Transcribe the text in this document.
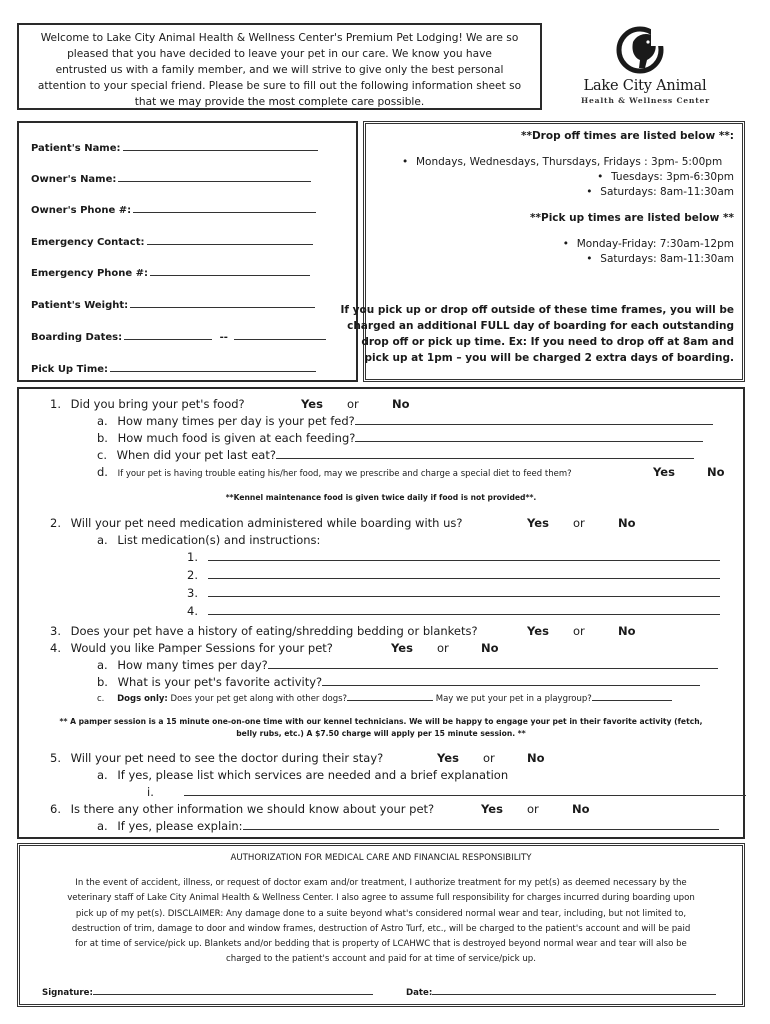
Welcome to Lake City Animal Health & Wellness Center's Premium Pet Lodging! We are so
pleased that you have decided to leave your pet in our care. We know you have
entrusted us with a family member, and we will strive to give only the best personal
attention to your special friend. Please be sure to fill out the following information sheet so
that we may provide the most complete care possible.
Lake City Animal
Health & Wellness Center
Patient's Name:
Owner's Name:
Owner's Phone #:
Emergency Contact:
Emergency Phone #:
Patient's Weight:
Boarding Dates:	--
Pick Up Time:
**Drop off times are listed below **:
• Mondays, Wednesdays, Thursdays, Fridays : 3pm- 5:00pm
• Tuesdays: 3pm-6:30pm
• Saturdays: 8am-11:30am
**Pick up times are listed below **
• Monday-Friday: 7:30am-12pm
• Saturdays: 8am-11:30am
If you pick up or drop off outside of these time frames, you will be
charged an additional FULL day of boarding for each outstanding
drop off or pick up time. Ex: If you need to drop off at 8am and
pick up at 1pm – you will be charged 2 extra days of boarding.
1. Did you bring your pet's food?	Yes or	No
a. How many times per day is your pet fed?
b. How much food is given at each feeding?
c. When did your pet last eat?
d. If your pet is having trouble eating his/her food, may we prescribe and charge a special diet to feed them?	Yes	No
**Kennel maintenance food is given twice daily if food is not provided**.
2. Will your pet need medication administered while boarding with us?	Yes or	No
a. List medication(s) and instructions:
1.
2.
3.
4.
3. Does your pet have a history of eating/shredding bedding or blankets?	Yes or	No
4. Would you like Pamper Sessions for your pet?	Yes or	No
a. How many times per day?
b. What is your pet's favorite activity?
c. Dogs only: Does your pet get along with other dogs?	May we put your pet in a playgroup?
** A pamper session is a 15 minute one-on-one time with our kennel technicians. We will be happy to engage your pet in their favorite activity (fetch,
belly rubs, etc.) A $7.50 charge will apply per 15 minute session. **
5. Will your pet need to see the doctor during their stay?	Yes or	No
a. If yes, please list which services are needed and a brief explanation
i.
6. Is there any other information we should know about your pet?	Yes or	No
a. If yes, please explain:
AUTHORIZATION FOR MEDICAL CARE AND FINANCIAL RESPONSIBILITY
In the event of accident, illness, or request of doctor exam and/or treatment, I authorize treatment for my pet(s) as deemed necessary by the
veterinary staff of Lake City Animal Health & Wellness Center. I also agree to assume full responsibility for charges incurred during boarding upon
pick up of my pet(s). DISCLAIMER: Any damage done to a suite beyond what's considered normal wear and tear, including, but not limited to,
destruction of trim, damage to door and window frames, destruction of Astro Turf, etc., will be charged to the patient's account and will be paid
for at time of service/pick up. Blankets and/or bedding that is property of LCAHWC that is destroyed beyond normal wear and tear will also be
charged to the patient's account and paid for at time of service/pick up.
Signature:	Date:
